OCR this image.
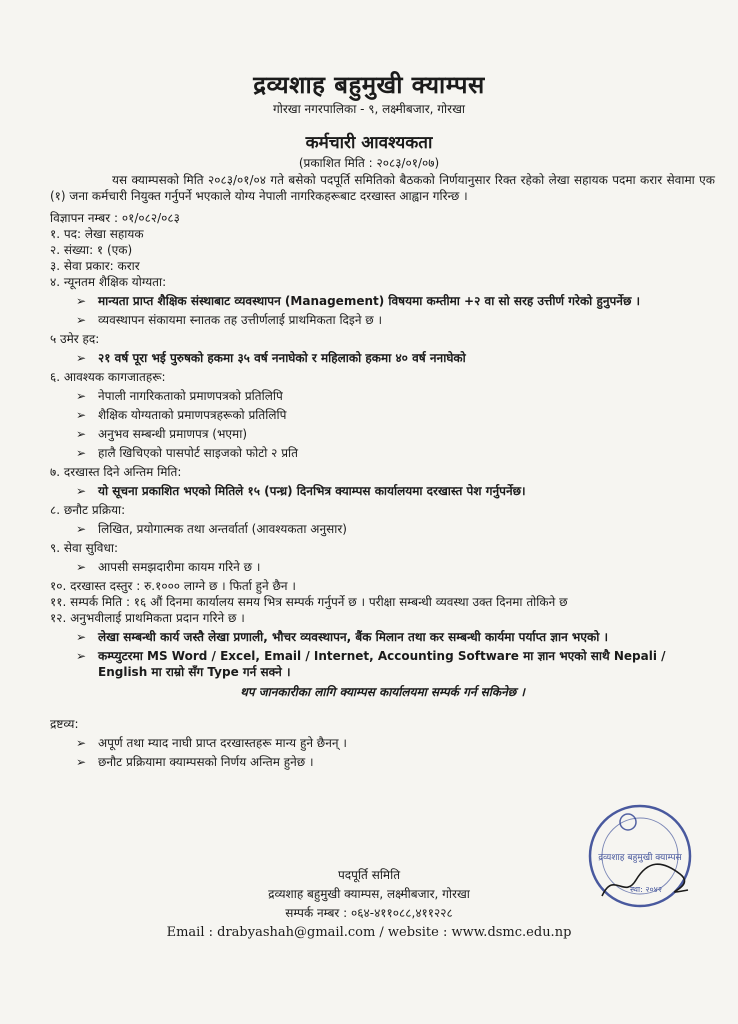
द्रव्यशाह बहुमुखी क्याम्पस
गोरखा नगरपालिका - ९, लक्ष्मीबजार, गोरखा
कर्मचारी आवश्यकता
(प्रकाशित मिति : २०८३/०१/०७)

यस क्याम्पसको मिति २०८३/०१/०४ गते बसेको पदपूर्ति समितिको बैठकको निर्णयानुसार रिक्त रहेको लेखा सहायक पदमा करार सेवामा एक (१) जना कर्मचारी नियुक्त गर्नुपर्ने भएकाले योग्य नेपाली नागरिकहरूबाट दरखास्त आह्वान गरिन्छ ।

विज्ञापन नम्बर : ०१/०८२/०८३

१. पद: लेखा सहायक

२. संख्या: १ (एक)

३. सेवा प्रकार: करार

४. न्यूनतम शैक्षिक योग्यता:

➢ मान्यता प्राप्त शैक्षिक संस्थाबाट व्यवस्थापन (Management) विषयमा कम्तीमा +२ वा सो सरह उत्तीर्ण गरेको हुनुपर्नेछ ।
➢ व्यवस्थापन संकायमा स्नातक तह उत्तीर्णलाई प्राथमिकता दिइने छ ।

५ उमेर हद:

➢ २१ वर्ष पूरा भई पुरुषको हकमा ३५ वर्ष ननाघेको र महिलाको हकमा ४० वर्ष ननाघेको

६. आवश्यक कागजातहरू:

➢ नेपाली नागरिकताको प्रमाणपत्रको प्रतिलिपि
➢ शैक्षिक योग्यताको प्रमाणपत्रहरूको प्रतिलिपि
➢ अनुभव सम्बन्धी प्रमाणपत्र (भएमा)
➢ हालै खिचिएको पासपोर्ट साइजको फोटो २ प्रति

७. दरखास्त दिने अन्तिम मिति:

➢ यो सूचना प्रकाशित भएको मितिले १५ (पन्ध्र) दिनभित्र क्याम्पस कार्यालयमा दरखास्त पेश गर्नुपर्नेछ।

८. छनौट प्रक्रिया:

➢ लिखित, प्रयोगात्मक तथा अन्तर्वार्ता (आवश्यकता अनुसार)

९. सेवा सुविधा:

➢ आपसी समझदारीमा कायम गरिने छ ।

१०. दरखास्त दस्तुर : रु.१००० लाग्ने छ । फिर्ता हुने छैन ।

११. सम्पर्क मिति : १६ औं दिनमा कार्यालय समय भित्र सम्पर्क गर्नुपर्ने छ । परीक्षा सम्बन्धी व्यवस्था उक्त दिनमा तोकिने छ

१२. अनुभवीलाई प्राथमिकता प्रदान गरिने छ ।

➢ लेखा सम्बन्धी कार्य जस्तै लेखा प्रणाली, भौचर व्यवस्थापन, बैंक मिलान तथा कर सम्बन्धी कार्यमा पर्याप्त ज्ञान भएको ।
➢ कम्प्युटरमा MS Word / Excel, Email / Internet, Accounting Software मा ज्ञान भएको साथै Nepali / English मा राम्रो सँग Type गर्न सक्ने ।

थप जानकारीका लागि क्याम्पस कार्यालयमा सम्पर्क गर्न सकिनेछ ।

द्रष्टव्य:

➢ अपूर्ण तथा म्याद नाघी प्राप्त दरखास्तहरू मान्य हुने छैनन् ।
➢ छनौट प्रक्रियामा क्याम्पसको निर्णय अन्तिम हुनेछ ।
पदपूर्ति समिति
द्रव्यशाह बहुमुखी क्याम्पस, लक्ष्मीबजार, गोरखा
सम्पर्क नम्बर : ०६४-४११०८८,४११२२८
Email : drabyashah@gmail.com / website : www.dsmc.edu.np
द्रव्यशाह बहुमुखी क्याम्पस
स्था: २०४२
